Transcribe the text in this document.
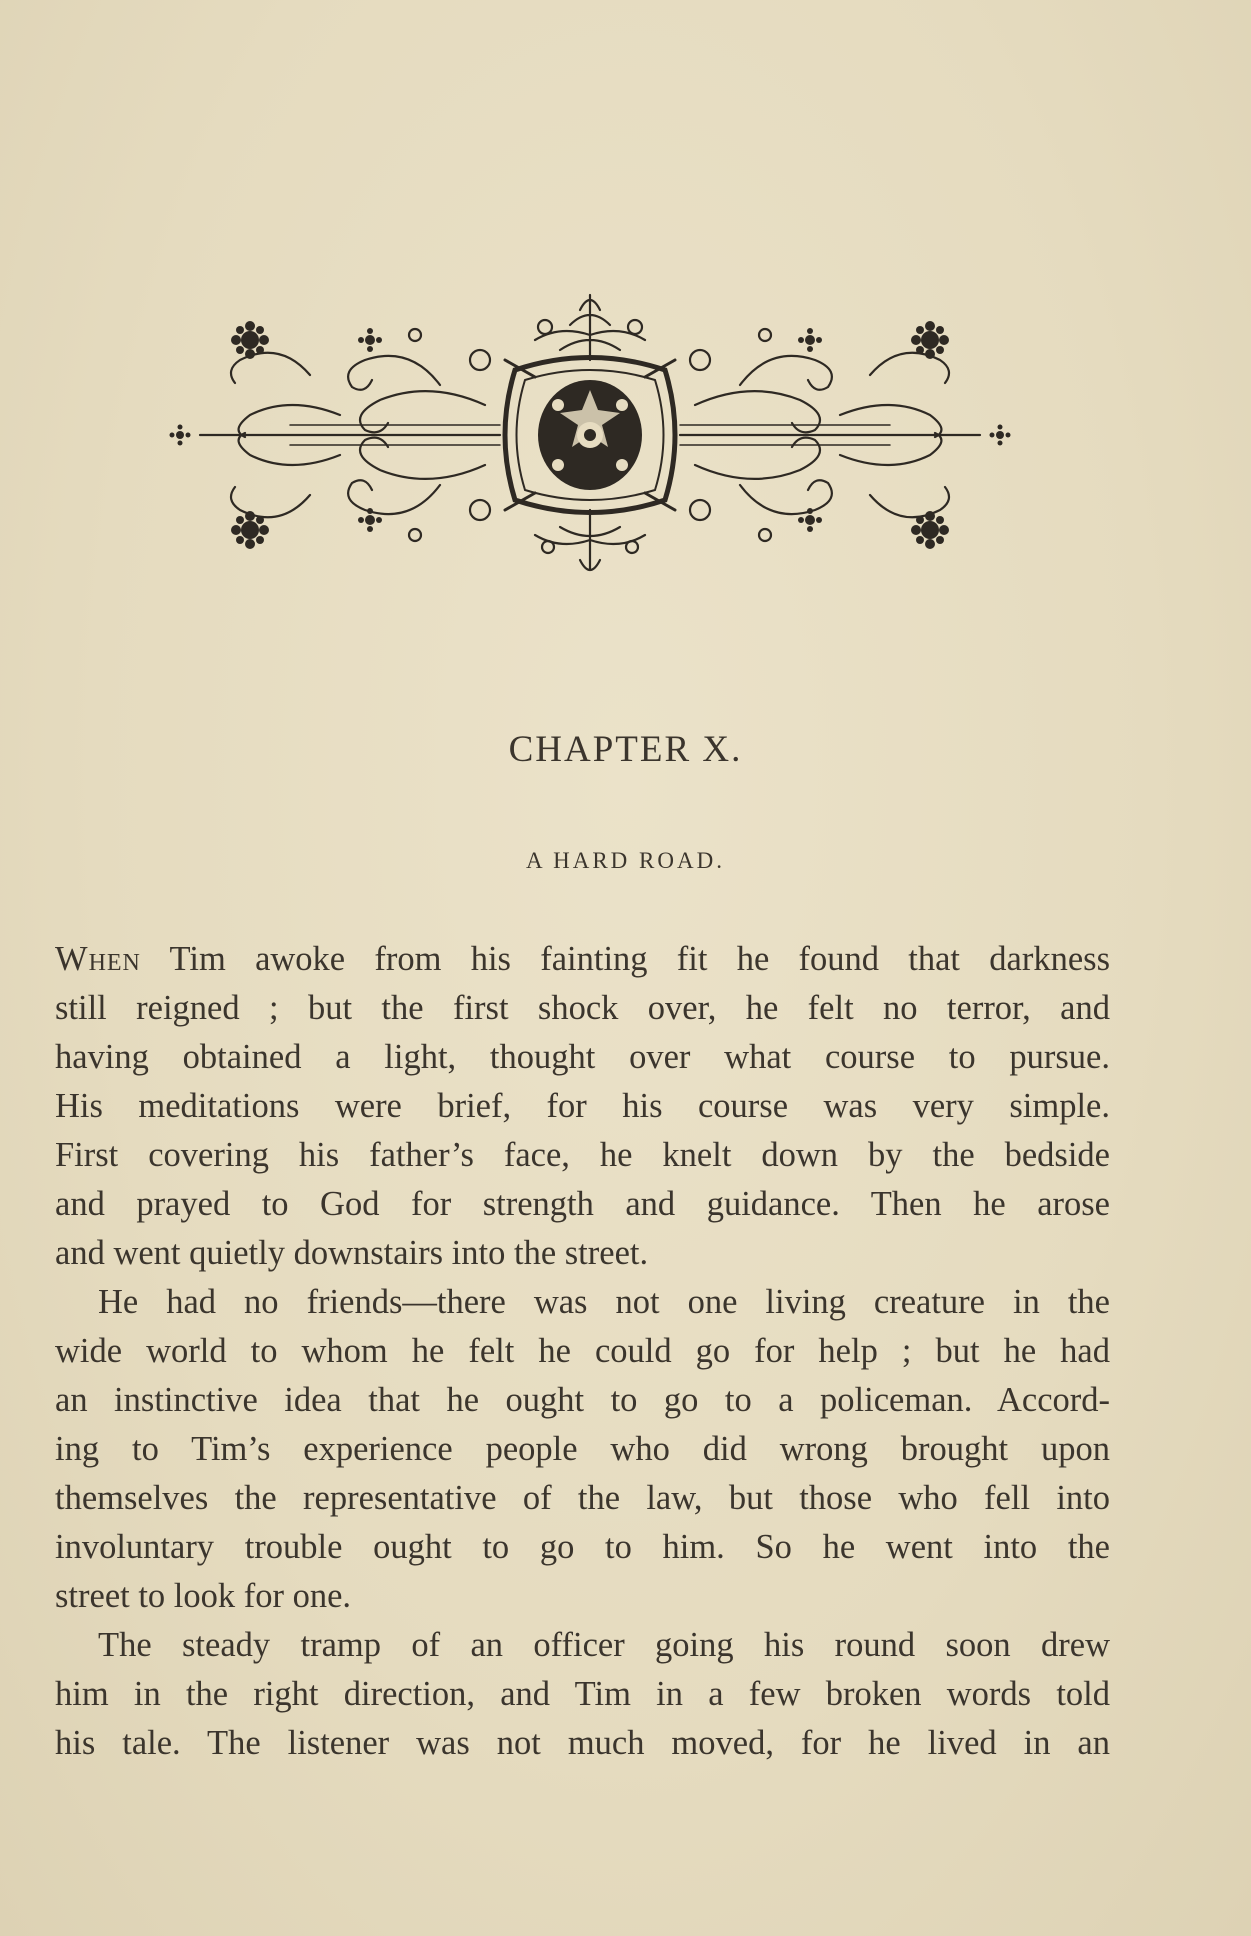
CHAPTER X.
A HARD ROAD.

When Tim awoke from his fainting fit he found that darkness
still reigned ; but the first shock over, he felt no terror, and
having obtained a light, thought over what course to pursue.
His meditations were brief, for his course was very simple.
First covering his father’s face, he knelt down by the bedside
and prayed to God for strength and guidance. Then he arose
and went quietly downstairs into the street.

He had no friends—there was not one living creature in the
wide world to whom he felt he could go for help ; but he had
an instinctive idea that he ought to go to a policeman. Accord-
ing to Tim’s experience people who did wrong brought upon
themselves the representative of the law, but those who fell into
involuntary trouble ought to go to him. So he went into the
street to look for one.

The steady tramp of an officer going his round soon drew
him in the right direction, and Tim in a few broken words told
his tale. The listener was not much moved, for he lived in an
